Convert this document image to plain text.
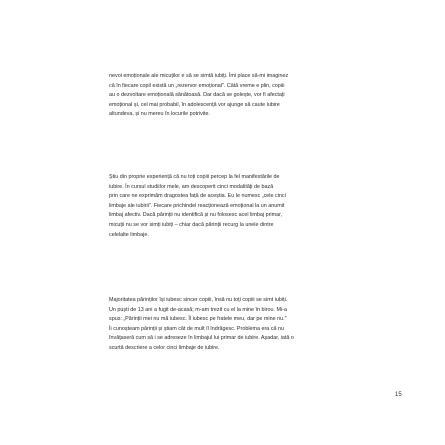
nevoi emoționale ale micuților e să se simtă iubiți. Îmi place să-mi imaginez
că în fiecare copil există un „rezervor emoțional". Câtă vreme e plin, copiii
au o dezvoltare emoțională sănătoasă. Dar dacă se golește, vor fi afectați
emoțional și, cel mai probabil, în adolescență vor ajunge să caute iubire
altundeva, și nu mereu în locurile potrivite.
Știu din proprie experiență că nu toți copiii percep la fel manifestările de
iubire. În cursul studiilor mele, am descoperit cinci modalități de bază
prin care ne exprimăm dragostea față de aceștia. Eu le numesc „cele cinci
limbaje ale iubirii". Fiecare prichindel reacționează emoțional la un anumit
limbaj afectiv. Dacă părinții nu identifică și nu folosesc acel limbaj primar,
micuții nu se vor simți iubiți – chiar dacă părinții recurg la unele dintre
celelalte limbaje.
Majoritatea părinților își iubesc sincer copiii, însă nu toți copiii se simt iubiți.
Un puști de 13 ani a fugit de-acasă; m-am trezit cu el la mine în birou. Mi-a
spus: „Părinții mei nu mă iubesc. Îl iubesc pe fratele meu, dar pe mine nu."
Îi cunoșteam părinții și știam cât de mult îl îndrăgesc. Problema era că nu
învățaseră cum să i se adreseze în limbajul lui primar de iubire. Așadar, iată o
scurtă descriere a celor cinci limbaje de iubire.
15
